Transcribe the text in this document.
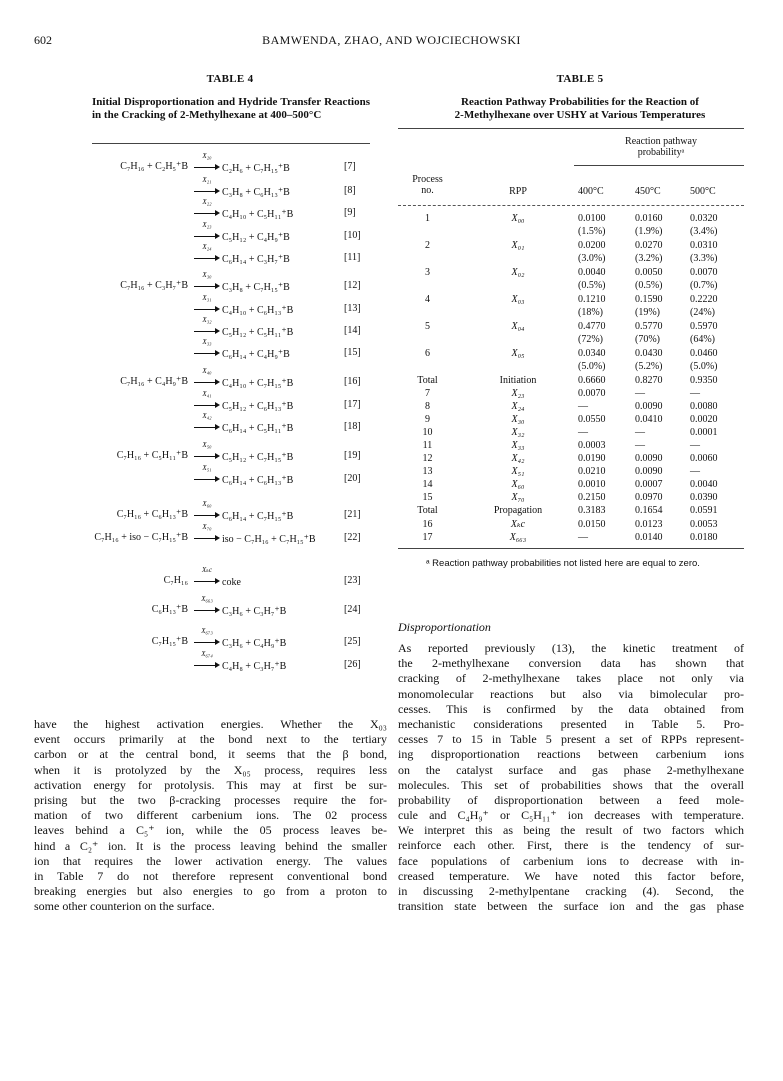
602	BAMWENDA, ZHAO, AND WOJCIECHOWSKI
TABLE 4
Initial Disproportionation and Hydride Transfer Reactions in the Cracking of 2-Methylhexane at 400–500°C
C₇H₁₆ + C₂H₅⁺B
X₂₀
C₂H₆ + C₇H₁₅⁺B	[7]
X₂₁
C₃H₈ + C₆H₁₃⁺B	[8]
X₂₂
C₄H₁₀ + C₅H₁₁⁺B	[9]
X₂₃
C₅H₁₂ + C₄H₉⁺B	[10]
X₂₄
C₆H₁₄ + C₃H₇⁺B	[11]
C₇H₁₆ + C₃H₇⁺B
X₃₀
C₃H₈ + C₇H₁₅⁺B	[12]
X₃₁
C₄H₁₀ + C₆H₁₃⁺B	[13]
X₃₂
C₅H₁₂ + C₅H₁₁⁺B	[14]
X₃₃
C₆H₁₄ + C₄H₉⁺B	[15]
C₇H₁₆ + C₄H₉⁺B
X₄₀
C₄H₁₀ + C₇H₁₅⁺B	[16]
X₄₁
C₅H₁₂ + C₆H₁₃⁺B	[17]
X₄₂
C₆H₁₄ + C₅H₁₁⁺B	[18]
C₇H₁₆ + C₅H₁₁⁺B
X₅₀
C₅H₁₂ + C₇H₁₅⁺B	[19]
X₅₁
C₆H₁₄ + C₆H₁₃⁺B	[20]
C₇H₁₆ + C₆H₁₃⁺B
X₆₀
C₆H₁₄ + C₇H₁₅⁺B	[21]
C₇H₁₆ + iso − C₇H₁₅⁺B
X₇₀
iso − C₇H₁₆ + C₇H₁₅⁺B	[22]
C₇H₁₆
Xₖc
coke	[23]
C₆H₁₃⁺B
X₆₆₃
C₃H₆ + C₃H₇⁺B	[24]
C₇H₁₅⁺B
X₆₇₃
C₃H₆ + C₄H₉⁺B	[25]
X₆₇₄
C₄H₈ + C₃H₇⁺B	[26]
TABLE 5
Reaction Pathway Probabilities for the Reaction of
2-Methylhexane over USHY at Various Temperatures
Reaction pathway
probabilityᵃ
Process
no.	RPP	400°C	450°C	500°C
1	X₀₀	0.0100	0.0160	0.0320
(1.5%)	(1.9%)	(3.4%)
2	X₀₁	0.0200	0.0270	0.0310
(3.0%)	(3.2%)	(3.3%)
3	X₀₂	0.0040	0.0050	0.0070
(0.5%)	(0.5%)	(0.7%)
4	X₀₃	0.1210	0.1590	0.2220
(18%)	(19%)	(24%)
5	X₀₄	0.4770	0.5770	0.5970
(72%)	(70%)	(64%)
6	X₀₅	0.0340	0.0430	0.0460
(5.0%)	(5.2%)	(5.0%)
Total	Initiation	0.6660	0.8270	0.9350
7	X₂₃	0.0070	—	—
8	X₂₄	—	0.0090	0.0080
9	X₃₀	0.0550	0.0410	0.0020
10	X₃₂	—	—	0.0001
11	X₃₃	0.0003	—	—
12	X₄₂	0.0190	0.0090	0.0060
13	X₅₁	0.0210	0.0090	—
14	X₆₀	0.0010	0.0007	0.0040
15	X₇₀	0.2150	0.0970	0.0390
Total	Propagation	0.3183	0.1654	0.0591
16	Xₖc	0.0150	0.0123	0.0053
17	X₆₆₃	—	0.0140	0.0180
ᵃ Reaction pathway probabilities not listed here are equal to zero.
Disproportionation
have the highest activation energies. Whether the X₀₃
event occurs primarily at the bond next to the tertiary
carbon or at the central bond, it seems that the β bond,
when it is protolyzed by the X₀₅ process, requires less
activation energy for protolysis. This may at first be sur-
prising but the two β-cracking processes require the for-
mation of two different carbenium ions. The 02 process
leaves behind a C₅⁺ ion, while the 05 process leaves be-
hind a C₂⁺ ion. It is the process leaving behind the smaller
ion that requires the lower activation energy. The values
in Table 7 do not therefore represent conventional bond
breaking energies but also energies to go from a proton to
some other counterion on the surface.
As reported previously (13), the kinetic treatment of
the 2-methylhexane conversion data has shown that
cracking of 2-methylhexane takes place not only via
monomolecular reactions but also via bimolecular pro-
cesses. This is confirmed by the data obtained from
mechanistic considerations presented in Table 5. Pro-
cesses 7 to 15 in Table 5 present a set of RPPs represent-
ing disproportionation reactions between carbenium ions
on the catalyst surface and gas phase 2-methylhexane
molecules. This set of probabilities shows that the overall
probability of disproportionation between a feed mole-
cule and C₄H₉⁺ or C₅H₁₁⁺ ion decreases with temperature.
We interpret this as being the result of two factors which
reinforce each other. First, there is the tendency of sur-
face populations of carbenium ions to decrease with in-
creased temperature. We have noted this factor before,
in discussing 2-methylpentane cracking (4). Second, the
transition state between the surface ion and the gas phase
